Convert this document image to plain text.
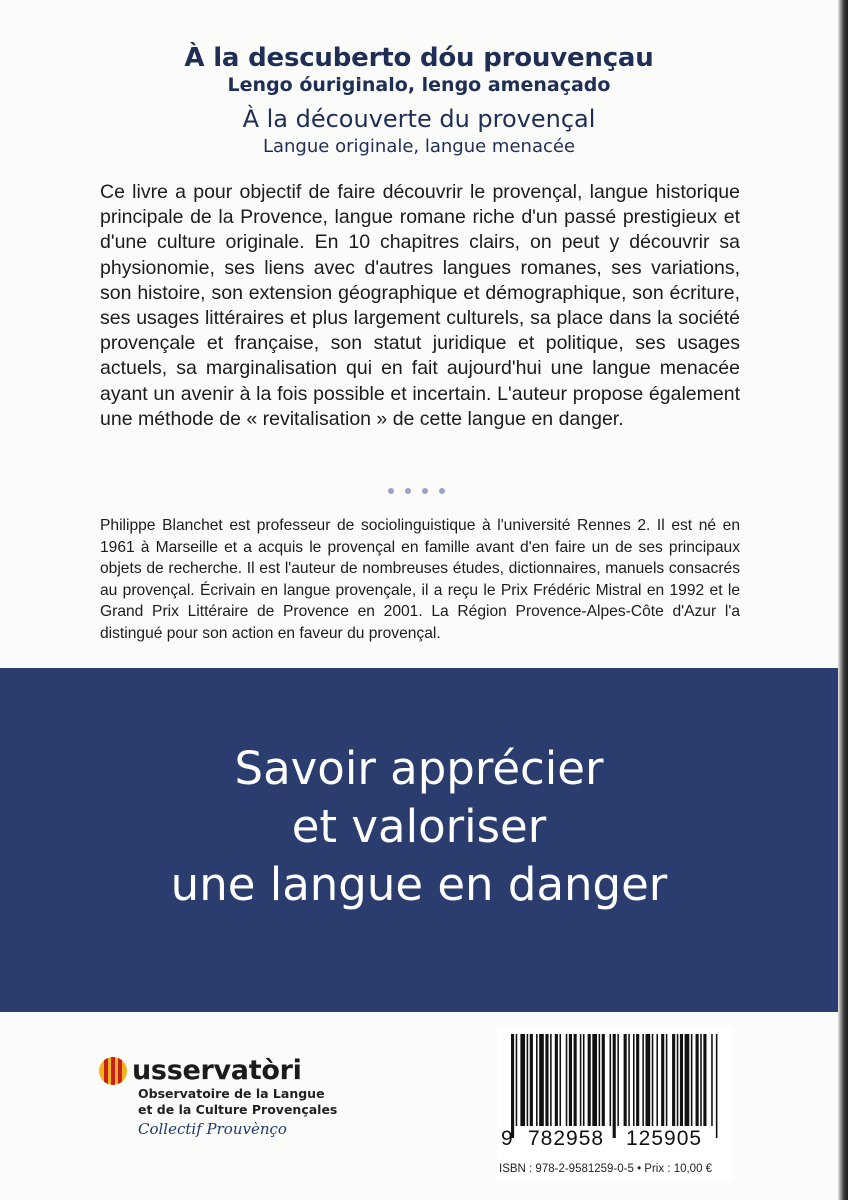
À la descuberto dóu prouvençau
Lengo óuriginalo, lengo amenaçado
À la découverte du provençal
Langue originale, langue menacée

Ce livre a pour objectif de faire découvrir le provençal, langue historique principale de la Provence, langue romane riche d'un passé prestigieux et d'une culture originale. En 10 chapitres clairs, on peut y découvrir sa physionomie, ses liens avec d'autres langues romanes, ses variations, son histoire, son extension géographique et démographique, son écriture, ses usages littéraires et plus largement culturels, sa place dans la société provençale et française, son statut juridique et politique, ses usages actuels, sa marginalisation qui en fait aujourd'hui une langue menacée ayant un avenir à la fois possible et incertain. L'auteur propose également une méthode de « revitalisation » de cette langue en danger.

Philippe Blanchet est professeur de sociolinguistique à l'université Rennes 2. Il est né en 1961 à Marseille et a acquis le provençal en famille avant d'en faire un de ses principaux objets de recherche. Il est l'auteur de nombreuses études, dictionnaires, manuels consacrés au provençal. Écrivain en langue provençale, il a reçu le Prix Frédéric Mistral en 1992 et le Grand Prix Littéraire de Provence en 2001. La Région Provence-Alpes-Côte d'Azur l'a distingué pour son action en faveur du provençal.

Savoir apprécier
et valoriser
une langue en danger
usservatòri
Observatoire de la Langue
et de la Culture Provençales
Collectif Prouvènço	9 782958 125905
ISBN : 978-2-9581259-0-5 • Prix : 10,00 €
